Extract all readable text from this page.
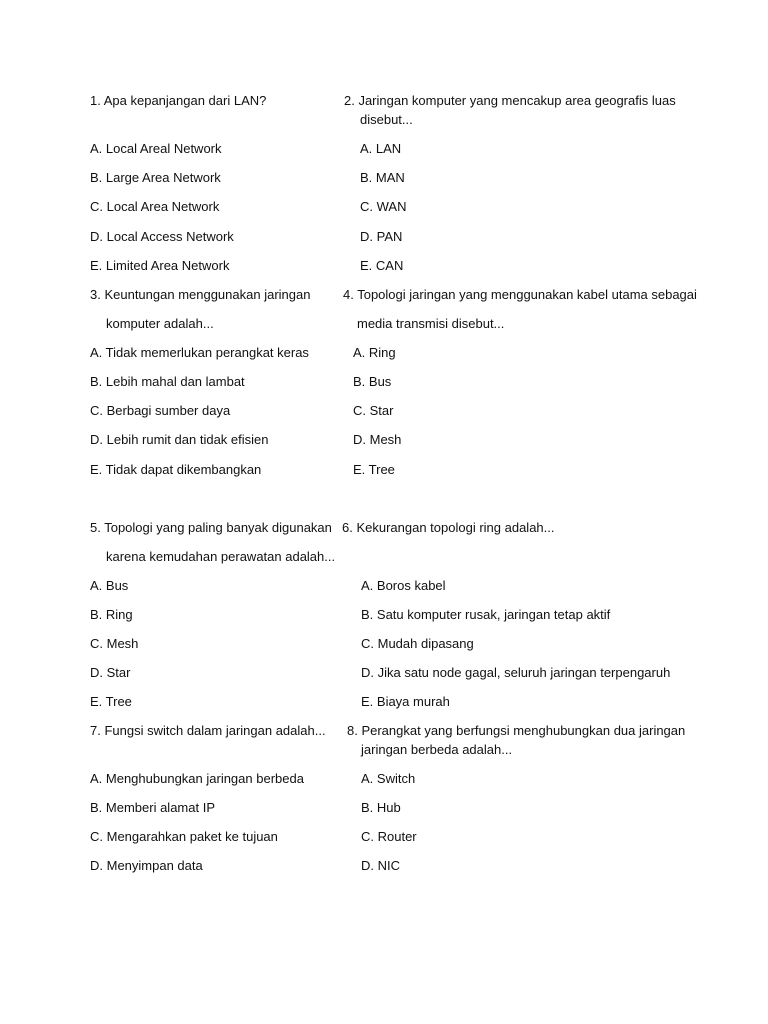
1. Apa kepanjangan dari LAN?

A. Local Areal Network

B. Large Area Network

C. Local Area Network

D. Local Access Network

E. Limited Area Network

2. Jaringan komputer yang mencakup area geografis luas

disebut...

A. LAN

B. MAN

C. WAN

D. PAN

E. CAN

3. Keuntungan menggunakan jaringan

komputer adalah...

A. Tidak memerlukan perangkat keras

B. Lebih mahal dan lambat

C. Berbagi sumber daya

D. Lebih rumit dan tidak efisien

E. Tidak dapat dikembangkan

4. Topologi jaringan yang menggunakan kabel utama sebagai

media transmisi disebut...

A. Ring

B. Bus

C. Star

D. Mesh

E. Tree

5. Topologi yang paling banyak digunakan

karena kemudahan perawatan adalah...

A. Bus

B. Ring

C. Mesh

D. Star

E. Tree

6. Kekurangan topologi ring adalah...

A. Boros kabel

B. Satu komputer rusak, jaringan tetap aktif

C. Mudah dipasang

D. Jika satu node gagal, seluruh jaringan terpengaruh

E. Biaya murah

7. Fungsi switch dalam jaringan adalah...

A. Menghubungkan jaringan berbeda

B. Memberi alamat IP

C. Mengarahkan paket ke tujuan

D. Menyimpan data

8. Perangkat yang berfungsi menghubungkan dua jaringan

jaringan berbeda adalah...

A. Switch

B. Hub

C. Router

D. NIC
